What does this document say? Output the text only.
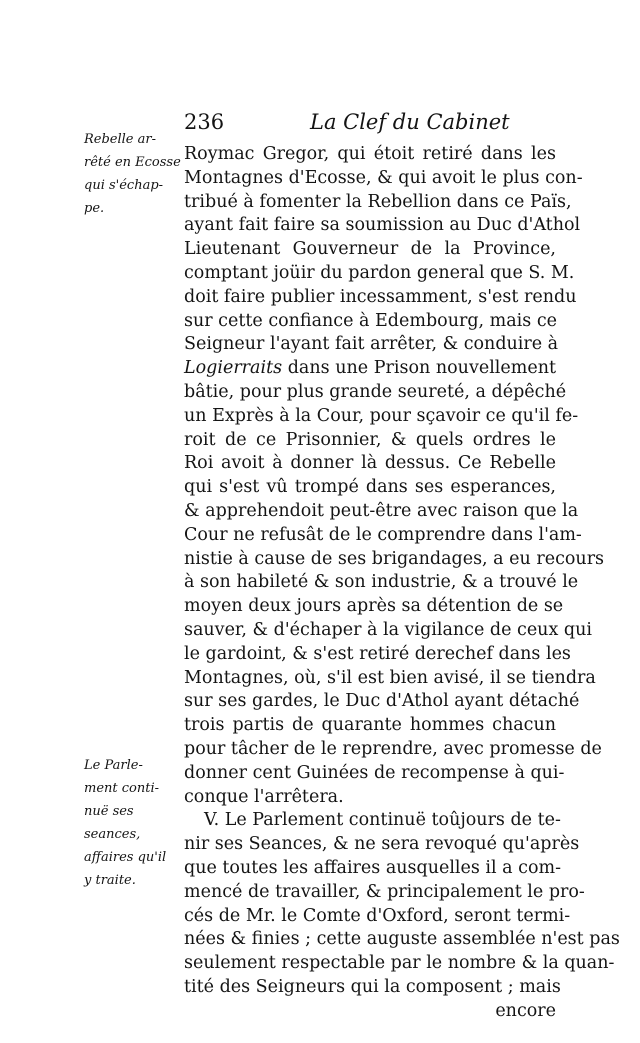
236	La Clef du Cabinet
Rebelle ar-
rêté en Ecosse
qui s'échap-
pe.
Le Parle-
ment conti-
nuë ses
seances,
affaires qu'il
y traite.
Roymac Gregor, qui étoit retiré dans les
Montagnes d'Ecosse, & qui avoit le plus con-
tribué à fomenter la Rebellion dans ce Païs,
ayant fait faire sa soumission au Duc d'Athol
Lieutenant Gouverneur de la Province,
comptant joüir du pardon general que S. M.
doit faire publier incessamment, s'est rendu
sur cette confiance à Edembourg, mais ce
Seigneur l'ayant fait arrêter, & conduire à
Logierraits dans une Prison nouvellement
bâtie, pour plus grande seureté, a dépêché
un Exprès à la Cour, pour sçavoir ce qu'il fe-
roit de ce Prisonnier, & quels ordres le
Roi avoit à donner là dessus. Ce Rebelle
qui s'est vû trompé dans ses esperances,
& apprehendoit peut-être avec raison que la
Cour ne refusât de le comprendre dans l'am-
nistie à cause de ses brigandages, a eu recours
à son habileté & son industrie, & a trouvé le
moyen deux jours après sa détention de se
sauver, & d'échaper à la vigilance de ceux qui
le gardoint, & s'est retiré derechef dans les
Montagnes, où, s'il est bien avisé, il se tiendra
sur ses gardes, le Duc d'Athol ayant détaché
trois partis de quarante hommes chacun
pour tâcher de le reprendre, avec promesse de
donner cent Guinées de recompense à qui-
conque l'arrêtera.
V. Le Parlement continuë toûjours de te-
nir ses Seances, & ne sera revoqué qu'après
que toutes les affaires ausquelles il a com-
mencé de travailler, & principalement le pro-
cés de Mr. le Comte d'Oxford, seront termi-
nées & finies ; cette auguste assemblée n'est pas
seulement respectable par le nombre & la quan-
tité des Seigneurs qui la composent ; mais
encore
